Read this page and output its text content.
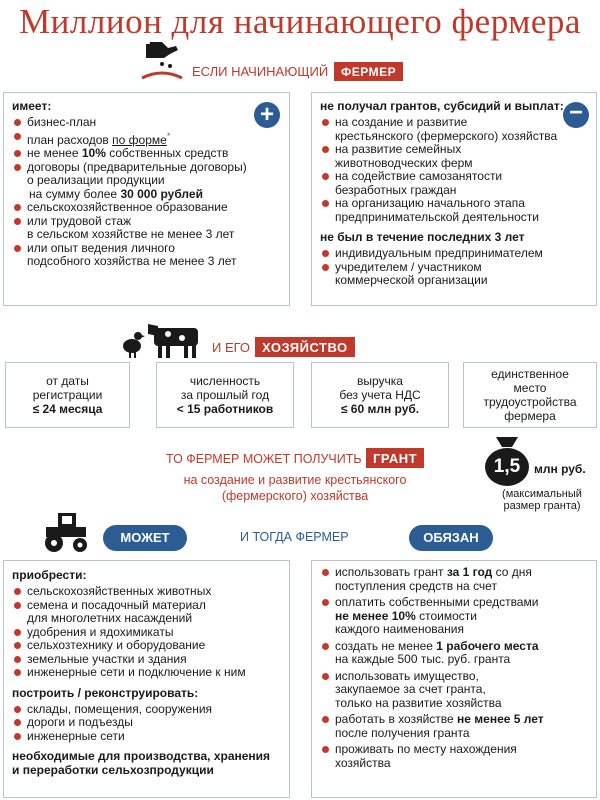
Миллион для начинающего фермера
ЕСЛИ НАЧИНАЮЩИЙ	ФЕРМЕР
имеет:
бизнес-план
план расходов по форме*
не менее 10% собственных средств
договоры (предварительные договоры)
о реализации продукции
на сумму более 30 000 рублей
сельскохозяйственное образование
или трудовой стаж
в сельском хозяйстве не менее 3 лет
или опыт ведения личного
подсобного хозяйства не менее 3 лет
+	не получал грантов, субсидий и выплат:
на создание и развитие
крестьянского (фермерского) хозяйства
на развитие семейных
животноводческих ферм
на содействие самозанятости
безработных граждан
на организацию начального этапа
предпринимательской деятельности
не был в течение последних 3 лет
индивидуальным предпринимателем
учредителем / участником
коммерческой организации
−
И ЕГО ХОЗЯЙСТВО
от даты
регистрации
≤ 24 месяца
численность
за прошлый год
< 15 работников
выручка
без учета НДС
≤ 60 млн руб.
единственное
место
трудоустройства
фермера
ТО ФЕРМЕР МОЖЕТ ПОЛУЧИТЬ ГРАНТ
на создание и развитие крестьянского
(фермерского) хозяйства
1,5	млн руб.
(максимальный
размер гранта)
МОЖЕТ	И ТОГДА ФЕРМЕР	ОБЯЗАН
приобрести:
сельскохозяйственных животных
семена и посадочный материал
для многолетних насаждений
удобрения и ядохимикаты
сельхозтехнику и оборудование
земельные участки и здания
инженерные сети и подключение к ним
построить / реконструировать:
склады, помещения, сооружения
дороги и подъезды
инженерные сети
необходимые для производства, хранения
и переработки сельхозпродукции
использовать грант за 1 год со дня
поступления средств на счет
оплатить собственными средствами
не менее 10% стоимости
каждого наименования
создать не менее 1 рабочего места
на каждые 500 тыс. руб. гранта
использовать имущество,
закупаемое за счет гранта,
только на развитие хозяйства
работать в хозяйстве не менее 5 лет
после получения гранта
проживать по месту нахождения
хозяйства
